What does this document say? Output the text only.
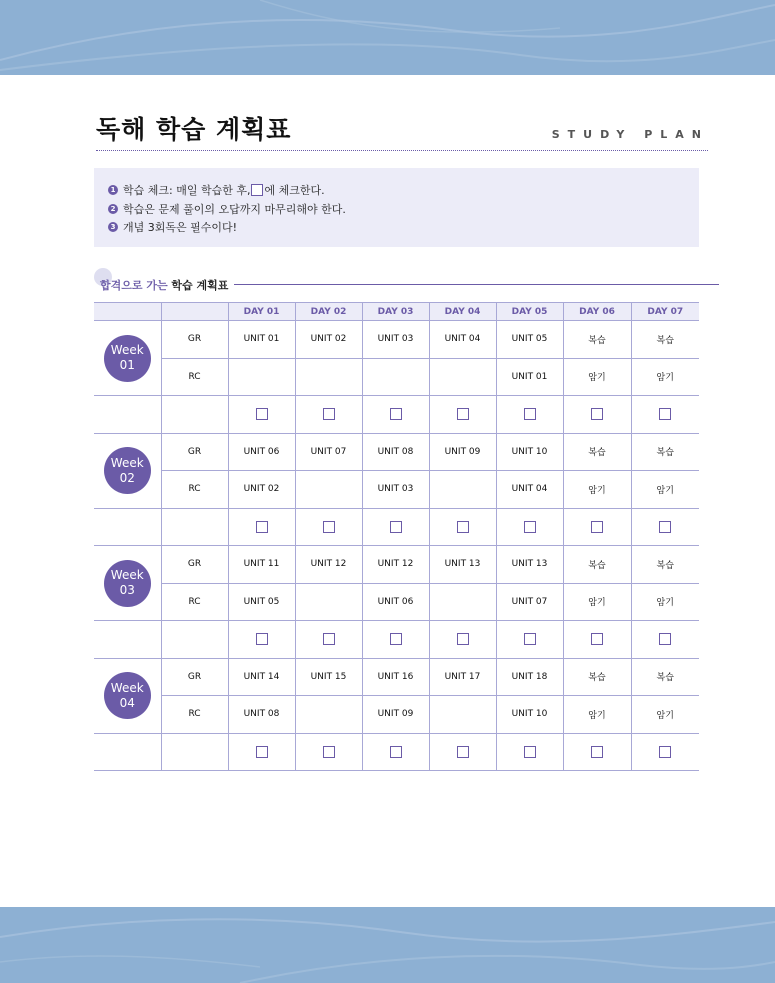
독해 학습 계획표	STUDY PLAN
1 학습 체크: 매일 학습한 후, 에 체크한다.
2 학습은 문제 풀이의 오답까지 마무리해야 한다.
3 개념 3회독은 필수이다!
합격으로 가는 학습 계획표
		DAY 01	DAY 02	DAY 03	DAY 04	DAY 05	DAY 06	DAY 07

Week
01	GR	UNIT 01	UNIT 02	UNIT 03	UNIT 04	UNIT 05	복습	복습
	RC					UNIT 01	암기	암기

Week
02	GR	UNIT 06	UNIT 07	UNIT 08	UNIT 09	UNIT 10	복습	복습
	RC	UNIT 02		UNIT 03		UNIT 04	암기	암기

Week
03	GR	UNIT 11	UNIT 12	UNIT 12	UNIT 13	UNIT 13	복습	복습
	RC	UNIT 05		UNIT 06		UNIT 07	암기	암기

Week
04	GR	UNIT 14	UNIT 15	UNIT 16	UNIT 17	UNIT 18	복습	복습
	RC	UNIT 08		UNIT 09		UNIT 10	암기	암기
